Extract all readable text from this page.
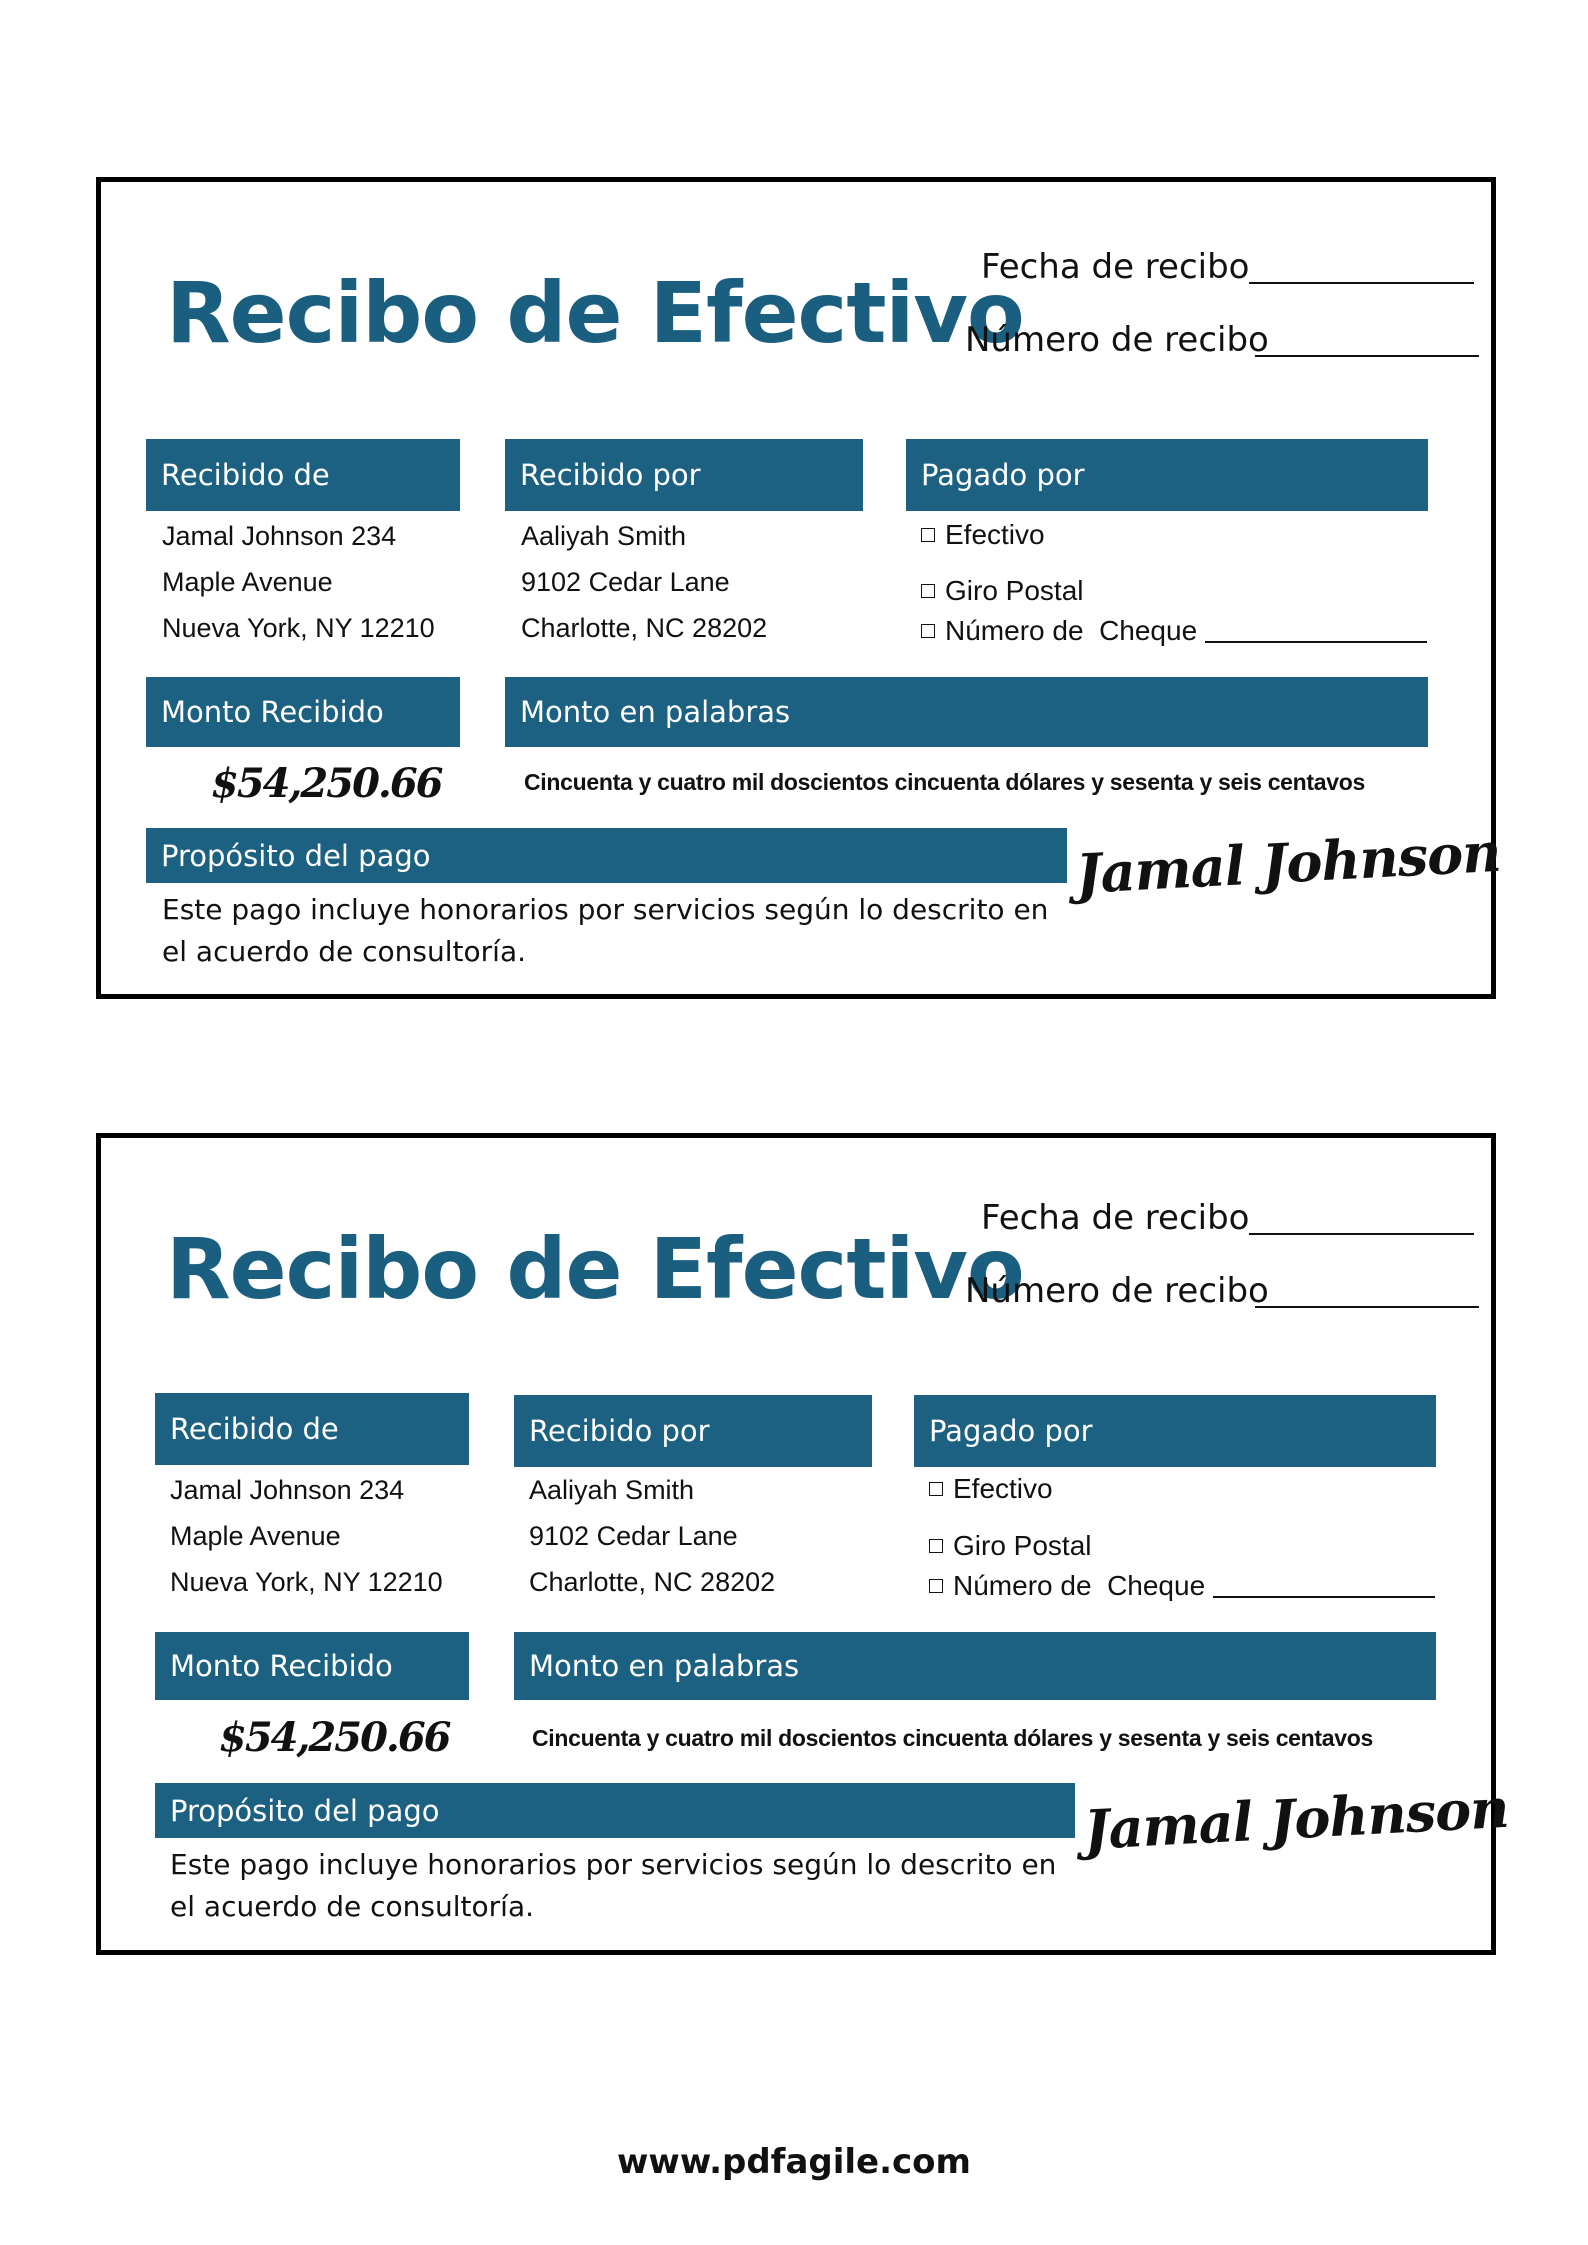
Recibo de Efectivo
Fecha de recibo
Número de recibo
Recibido de
Jamal Johnson 234
Maple Avenue
Nueva York, NY 12210
Recibido por
Aaliyah Smith
9102 Cedar Lane
Charlotte, NC 28202
Pagado por
Efectivo
Giro Postal
Número de  Cheque
Monto Recibido
$54,250.66
Monto en palabras
Cincuenta y cuatro mil doscientos cincuenta dólares y sesenta y seis centavos
Propósito del pago
Este pago incluye honorarios por servicios según lo descrito en el acuerdo de consultoría.
Jamal Johnson
Recibo de Efectivo
Fecha de recibo
Número de recibo
Recibido de
Jamal Johnson 234
Maple Avenue
Nueva York, NY 12210
Recibido por
Aaliyah Smith
9102 Cedar Lane
Charlotte, NC 28202
Pagado por
Efectivo
Giro Postal
Número de  Cheque
Monto Recibido
$54,250.66
Monto en palabras
Cincuenta y cuatro mil doscientos cincuenta dólares y sesenta y seis centavos
Propósito del pago
Este pago incluye honorarios por servicios según lo descrito en el acuerdo de consultoría.
Jamal Johnson
www.pdfagile.com
